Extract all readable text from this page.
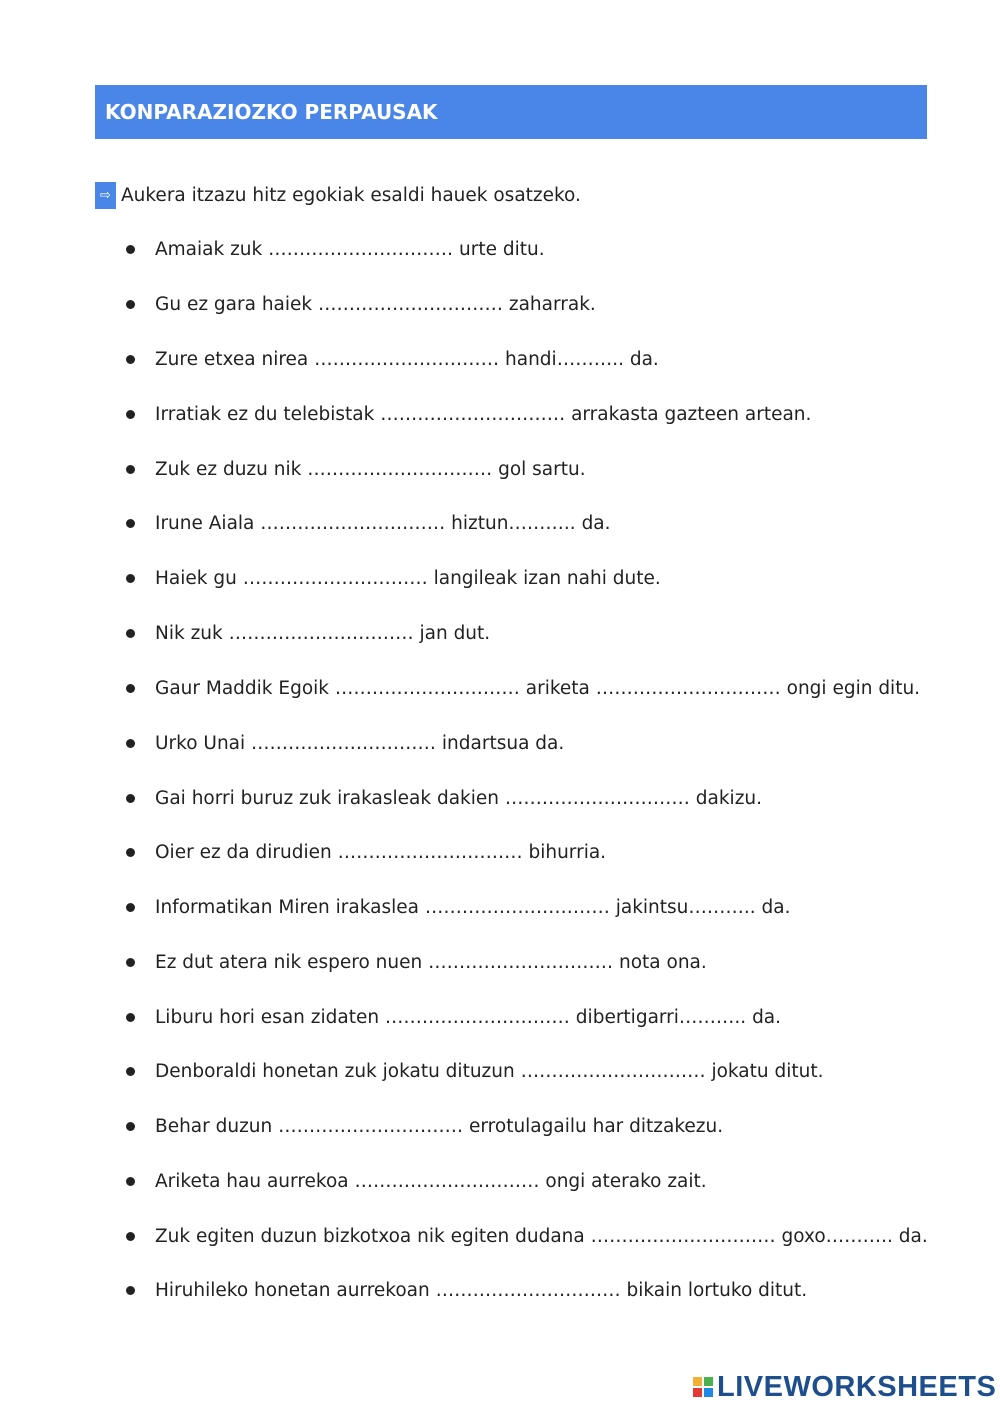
KONPARAZIOZKO PERPAUSAK
⇨ Aukera itzazu hitz egokiak esaldi hauek osatzeko.
Amaiak zuk ………………………… urte ditu.
Gu ez gara haiek ………………………… zaharrak.
Zure etxea nirea ………………………… handi……….. da.
Irratiak ez du telebistak ………………………… arrakasta gazteen artean.
Zuk ez duzu nik ………………………… gol sartu.
Irune Aiala ………………………… hiztun……….. da.
Haiek gu ………………………… langileak izan nahi dute.
Nik zuk ………………………… jan dut.
Gaur Maddik Egoik ………………………… ariketa ………………………… ongi egin ditu.
Urko Unai ………………………… indartsua da.
Gai horri buruz zuk irakasleak dakien ………………………… dakizu.
Oier ez da dirudien ………………………… bihurria.
Informatikan Miren irakaslea ………………………… jakintsu……….. da.
Ez dut atera nik espero nuen ………………………… nota ona.
Liburu hori esan zidaten ………………………… dibertigarri……….. da.
Denboraldi honetan zuk jokatu dituzun ………………………… jokatu ditut.
Behar duzun ………………………… errotulagailu har ditzakezu.
Ariketa hau aurrekoa ………………………… ongi aterako zait.
Zuk egiten duzun bizkotxoa nik egiten dudana ………………………… goxo……….. da.
Hiruhileko honetan aurrekoan ………………………… bikain lortuko ditut.
LIVEWORKSHEETS
